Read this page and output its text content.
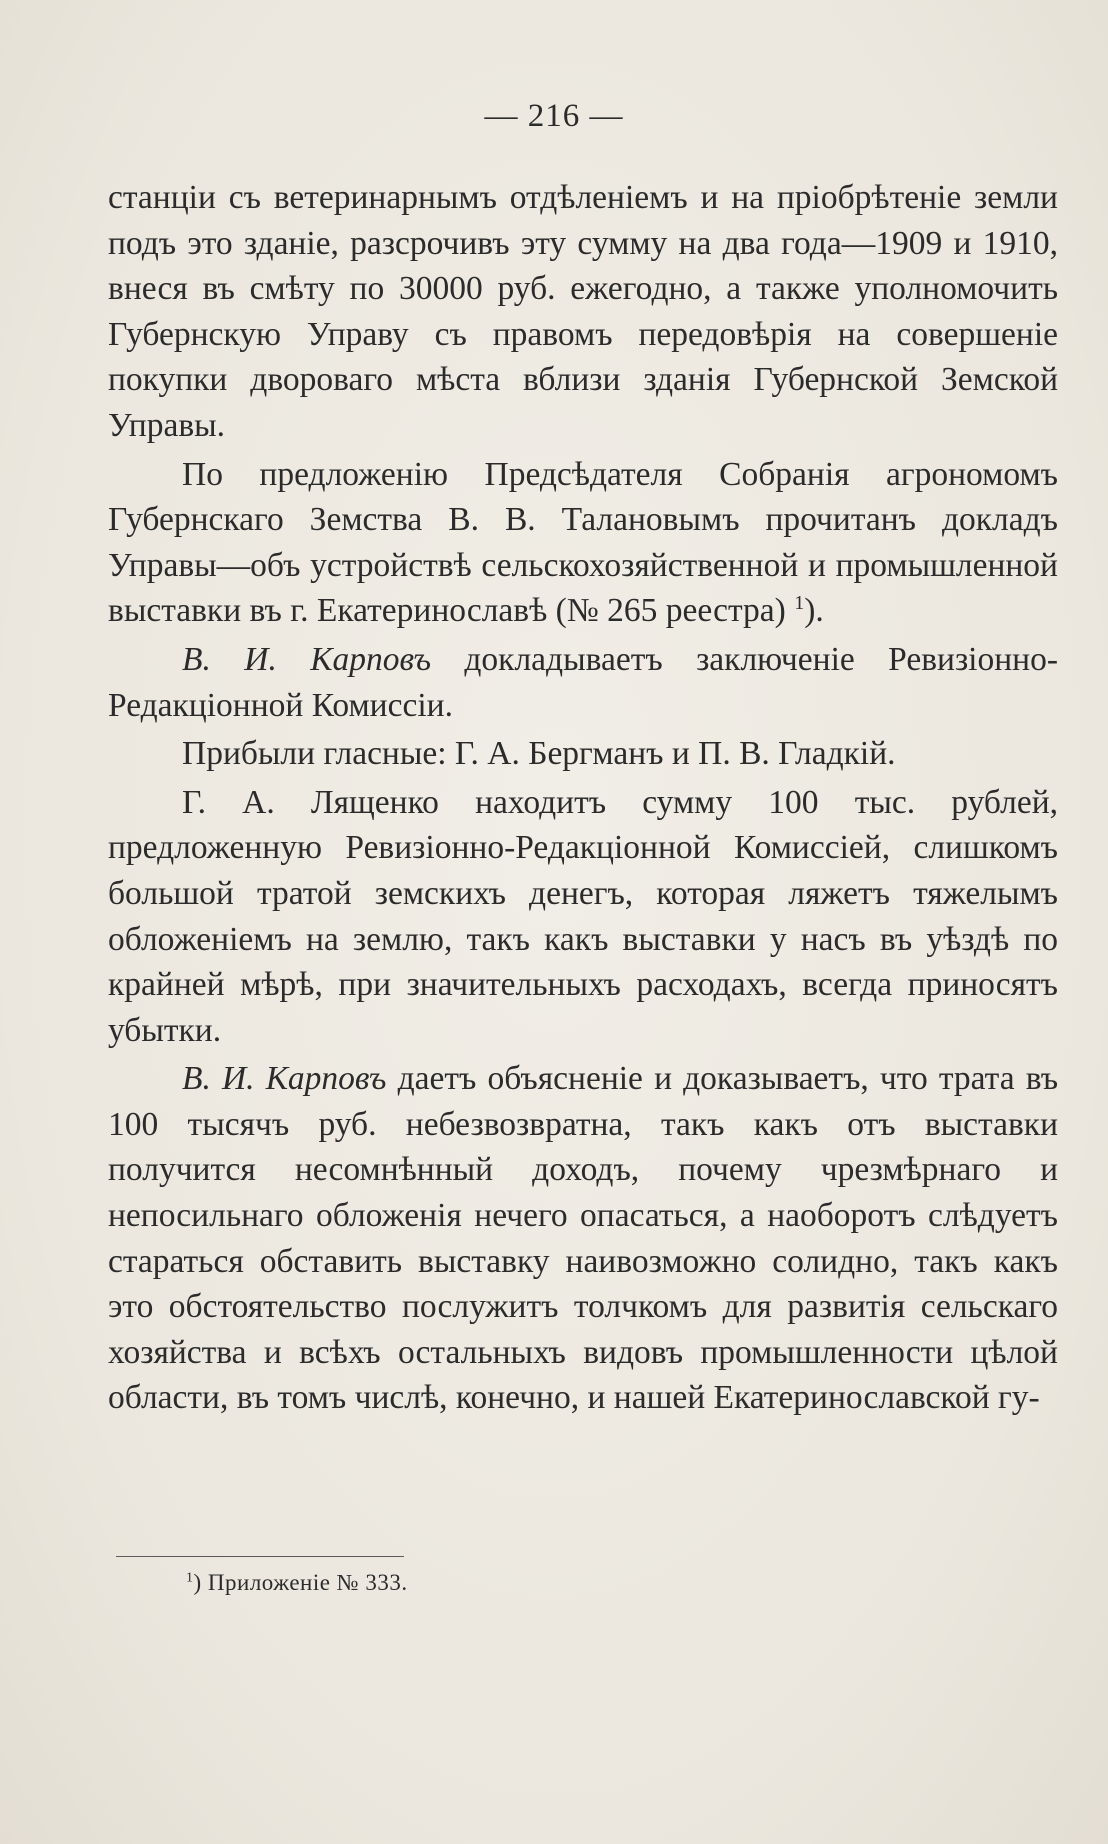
— 216 —

станціи съ ветеринарнымъ отдѣленіемъ и на пріобрѣтеніе земли подъ это зданіе, разсрочивъ эту сумму на два года—1909 и 1910, внеся въ смѣту по 30000 руб. ежегодно, а также уполномочить Губернскую Управу съ правомъ передовѣрія на совершеніе покупки двороваго мѣста вблизи зданія Губернской Земской Управы.

По предложенію Предсѣдателя Собранія агрономомъ Губернскаго Земства В. В. Талановымъ прочитанъ докладъ Управы—объ устройствѣ сельскохозяйственной и промышленной выставки въ г. Екатеринославѣ (№ 265 реестра) $^1$).

В. И. Карповъ докладываетъ заключеніе Ревизіонно-Редакціонной Комиссіи.

Прибыли гласные: Г. А. Бергманъ и П. В. Гладкій.

Г. А. Лященко находитъ сумму 100 тыс. рублей, предложенную Ревизіонно-Редакціонной Комиссіей, слишкомъ большой тратой земскихъ денегъ, которая ляжетъ тяжелымъ обложеніемъ на землю, такъ какъ выставки у насъ въ уѣздѣ по крайней мѣрѣ, при значительныхъ расходахъ, всегда приносятъ убытки.

В. И. Карповъ даетъ объясненіе и доказываетъ, что трата въ 100 тысячъ руб. небезвозвратна, такъ какъ отъ выставки получится несомнѣнный доходъ, почему чрезмѣрнаго и непосильнаго обложенія нечего опасаться, а наоборотъ слѣдуетъ стараться обставить выставку наивозможно солидно, такъ какъ это обстоятельство послужитъ толчкомъ для развитія сельскаго хозяйства и всѣхъ остальныхъ видовъ промышленности цѣлой области, въ томъ числѣ, конечно, и нашей Екатеринославской гу-

$^1$) Приложеніе № 333.
